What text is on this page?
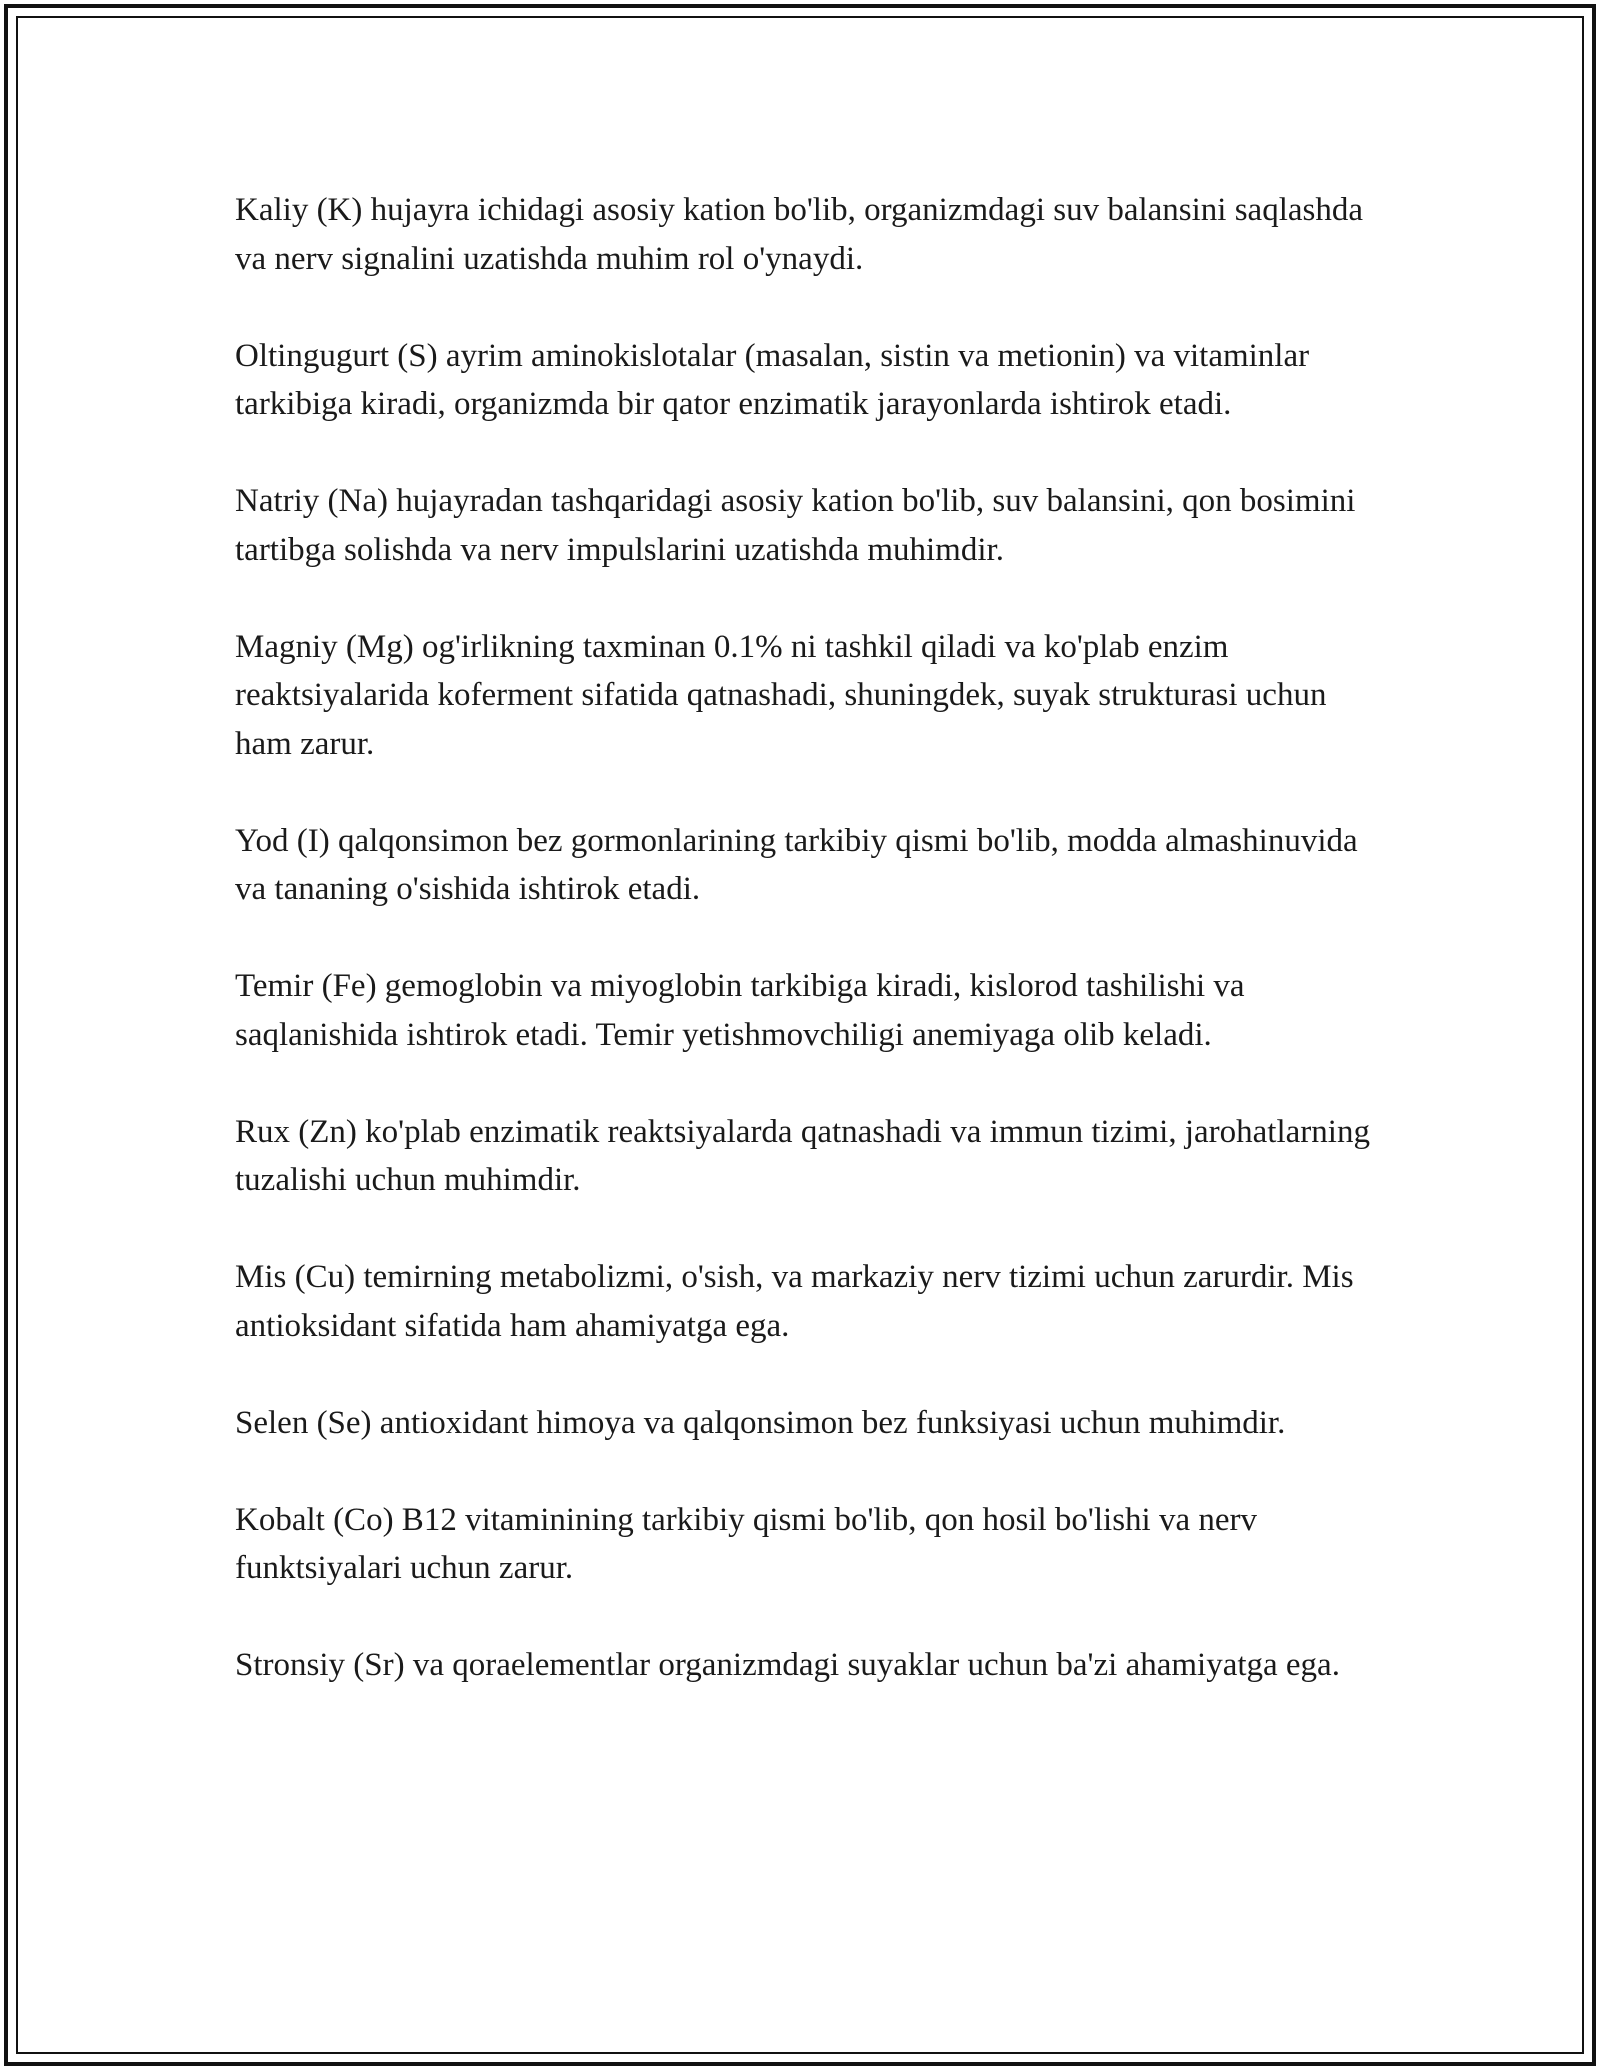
Kaliy (K) hujayra ichidagi asosiy kation bo'lib, organizmdagi suv balansini saqlashda va nerv signalini uzatishda muhim rol o'ynaydi.

Oltingugurt (S) ayrim aminokislotalar (masalan, sistin va metionin) va vitaminlar tarkibiga kiradi, organizmda bir qator enzimatik jarayonlarda ishtirok etadi.

Natriy (Na) hujayradan tashqaridagi asosiy kation bo'lib, suv balansini, qon bosimini tartibga solishda va nerv impulslarini uzatishda muhimdir.

Magniy (Mg) og'irlikning taxminan 0.1% ni tashkil qiladi va ko'plab enzim reaktsiyalarida koferment sifatida qatnashadi, shuningdek, suyak strukturasi uchun ham zarur.

Yod (I) qalqonsimon bez gormonlarining tarkibiy qismi bo'lib, modda almashinuvida va tananing o'sishida ishtirok etadi.

Temir (Fe) gemoglobin va miyoglobin tarkibiga kiradi, kislorod tashilishi va saqlanishida ishtirok etadi. Temir yetishmovchiligi anemiyaga olib keladi.

Rux (Zn) ko'plab enzimatik reaktsiyalarda qatnashadi va immun tizimi, jarohatlarning tuzalishi uchun muhimdir.

Mis (Cu) temirning metabolizmi, o'sish, va markaziy nerv tizimi uchun zarurdir. Mis antioksidant sifatida ham ahamiyatga ega.

Selen (Se) antioxidant himoya va qalqonsimon bez funksiyasi uchun muhimdir.

Kobalt (Co) B12 vitaminining tarkibiy qismi bo'lib, qon hosil bo'lishi va nerv funktsiyalari uchun zarur.

Stronsiy (Sr) va qoraelementlar organizmdagi suyaklar uchun ba'zi ahamiyatga ega.
